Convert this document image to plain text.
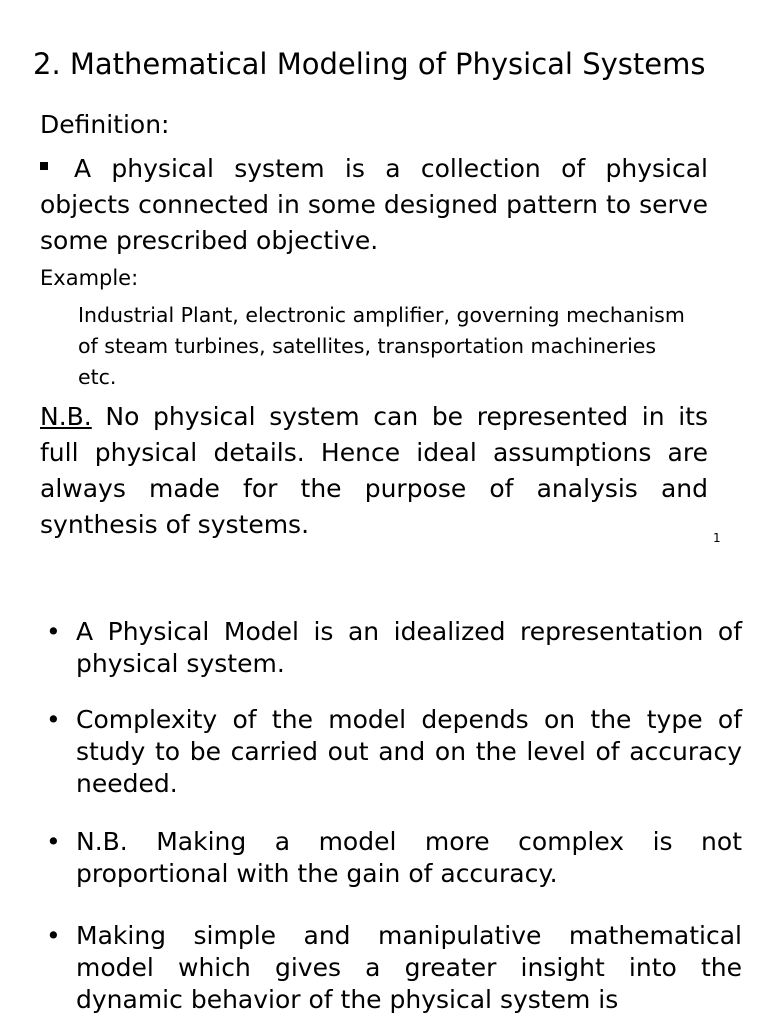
2. Mathematical Modeling of Physical Systems
Definition:
A physical system is a collection of physical objects connected in some designed pattern to serve some prescribed objective.
Example:
Industrial Plant, electronic amplifier, governing mechanism of steam turbines, satellites, transportation machineries etc.
N.B. No physical system can be represented in its full physical details. Hence ideal assumptions are always made for the purpose of analysis and synthesis of systems.	1
• A Physical Model is an idealized representation of physical system.
• Complexity of the model depends on the type of study to be carried out and on the level of accuracy needed.
• N.B. Making a model more complex is not proportional with the gain of accuracy.
• Making simple and manipulative mathematical model which gives a greater insight into the dynamic behavior of the physical system is
